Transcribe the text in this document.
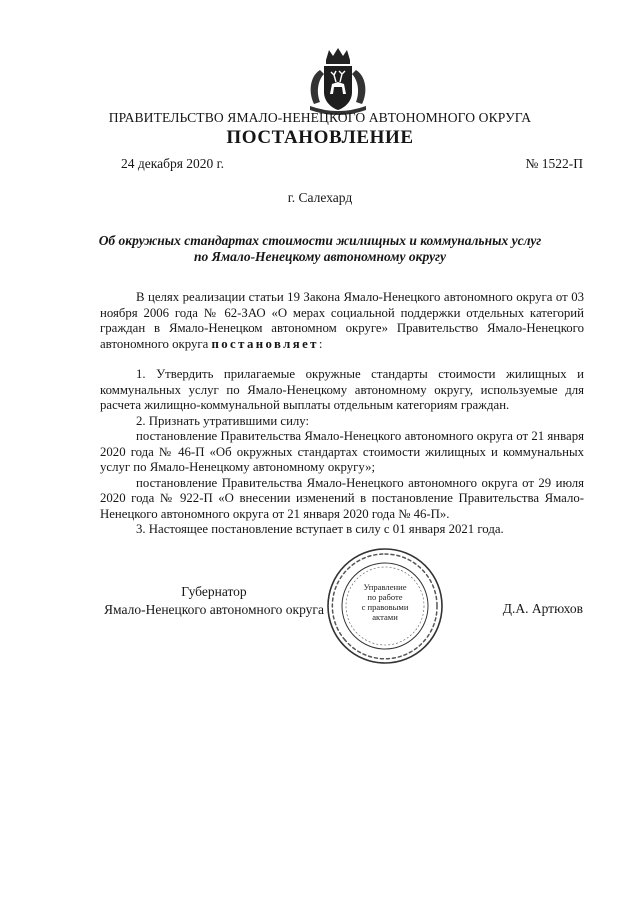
ПРАВИТЕЛЬСТВО ЯМАЛО-НЕНЕЦКОГО АВТОНОМНОГО ОКРУГА
ПОСТАНОВЛЕНИЕ
24 декабря 2020 г.	№ 1522-П
г. Салехард
Об окружных стандартах стоимости жилищных и коммунальных услуг
по Ямало-Ненецкому автономному округу

В целях реализации статьи 19 Закона Ямало-Ненецкого автономного округа от 03 ноября 2006 года № 62-ЗАО «О мерах социальной поддержки отдельных категорий граждан в Ямало-Ненецком автономном округе» Правительство Ямало-Ненецкого автономного округа постановляет:

1. Утвердить прилагаемые окружные стандарты стоимости жилищных и коммунальных услуг по Ямало-Ненецкому автономному округу, используемые для расчета жилищно-коммунальной выплаты отдельным категориям граждан.

2. Признать утратившими силу:

постановление Правительства Ямало-Ненецкого автономного округа от 21 января 2020 года № 46-П «Об окружных стандартах стоимости жилищных и коммунальных услуг по Ямало-Ненецкому автономному округу»;

постановление Правительства Ямало-Ненецкого автономного округа от 29 июля 2020 года № 922-П «О внесении изменений в постановление Правительства Ямало-Ненецкого автономного округа от 21 января 2020 года № 46-П».

3. Настоящее постановление вступает в силу с 01 января 2021 года.

Губернатор
Ямало-Ненецкого автономного округа	Д.А. Артюхов
Управление
по работе
с правовыми
актами
